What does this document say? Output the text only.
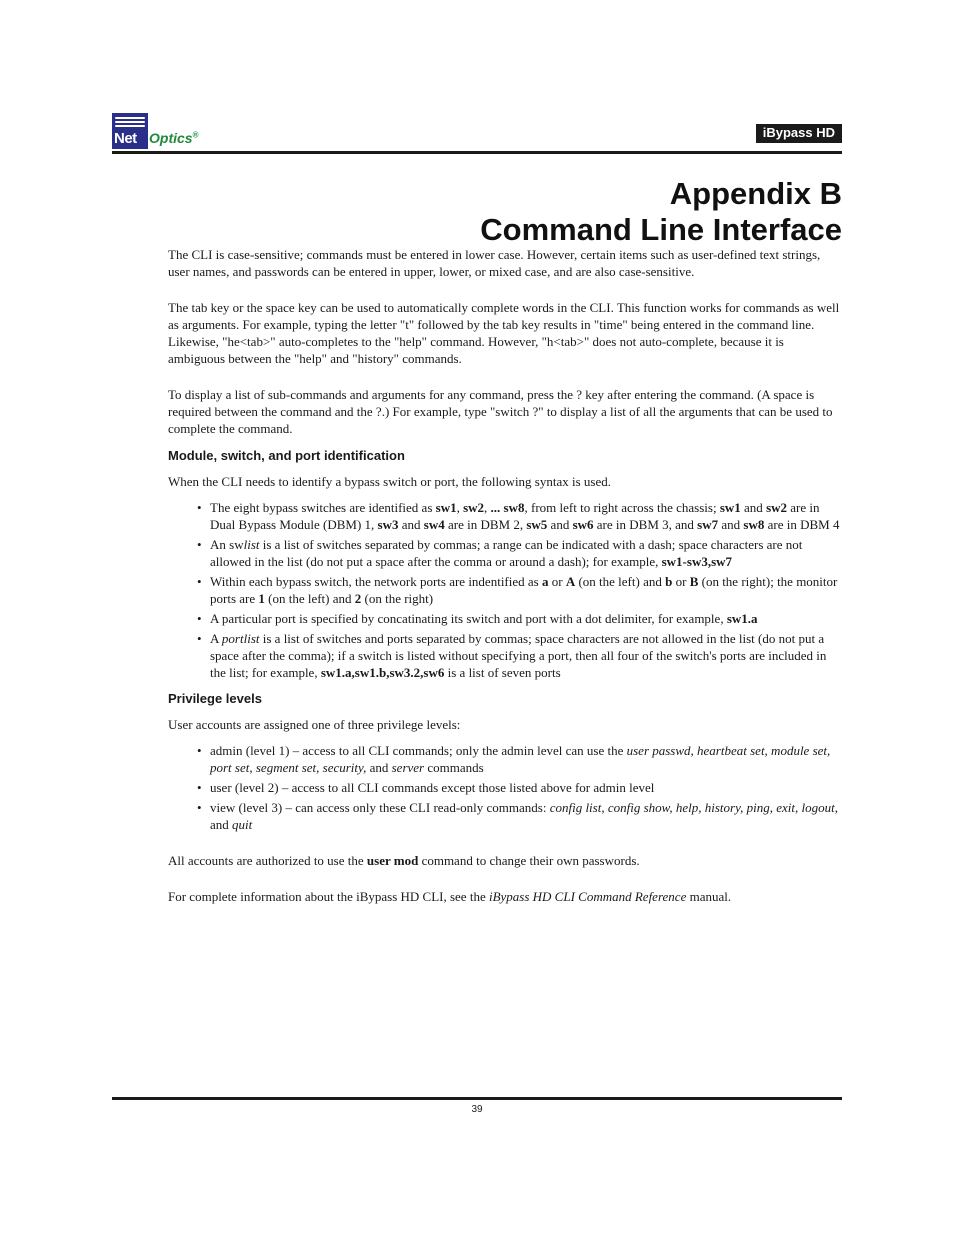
Net Optics®	iBypass HD
Appendix B
Command Line Interface

The CLI is case-sensitive; commands must be entered in lower case. However, certain items such as user-defined text strings, user names, and passwords can be entered in upper, lower, or mixed case, and are also case-sensitive.

The tab key or the space key can be used to automatically complete words in the CLI. This function works for commands as well as arguments. For example, typing the letter "t" followed by the tab key results in "time" being entered in the command line. Likewise, "he<tab>" auto-completes to the "help" command. However, "h<tab>" does not auto-complete, because it is ambiguous between the "help" and "history" commands.

To display a list of sub-commands and arguments for any command, press the ? key after entering the command. (A space is required between the command and the ?.) For example, type "switch ?" to display a list of all the arguments that can be used to complete the command.

Module, switch, and port identification

When the CLI needs to identify a bypass switch or port, the following syntax is used.

• The eight bypass switches are identified as sw1, sw2, ... sw8, from left to right across the chassis; sw1 and sw2 are in Dual Bypass Module (DBM) 1, sw3 and sw4 are in DBM 2, sw5 and sw6 are in DBM 3, and sw7 and sw8 are in DBM 4
• An swlist is a list of switches separated by commas; a range can be indicated with a dash; space characters are not allowed in the list (do not put a space after the comma or around a dash); for example, sw1-sw3,sw7
• Within each bypass switch, the network ports are indentified as a or A (on the left) and b or B (on the right); the monitor ports are 1 (on the left) and 2 (on the right)
• A particular port is specified by concatinating its switch and port with a dot delimiter, for example, sw1.a
• A portlist is a list of switches and ports separated by commas; space characters are not allowed in the list (do not put a space after the comma); if a switch is listed without specifying a port, then all four of the switch's ports are included in the list; for example, sw1.a,sw1.b,sw3.2,sw6 is a list of seven ports
Privilege levels

User accounts are assigned one of three privilege levels:

• admin (level 1) – access to all CLI commands; only the admin level can use the user passwd, heartbeat set, module set, port set, segment set, security, and server commands
• user (level 2) – access to all CLI commands except those listed above for admin level
• view (level 3) – can access only these CLI read-only commands: config list, config show, help, history, ping, exit, logout, and quit

All accounts are authorized to use the user mod command to change their own passwords.

For complete information about the iBypass HD CLI, see the iBypass HD CLI Command Reference manual.

39
